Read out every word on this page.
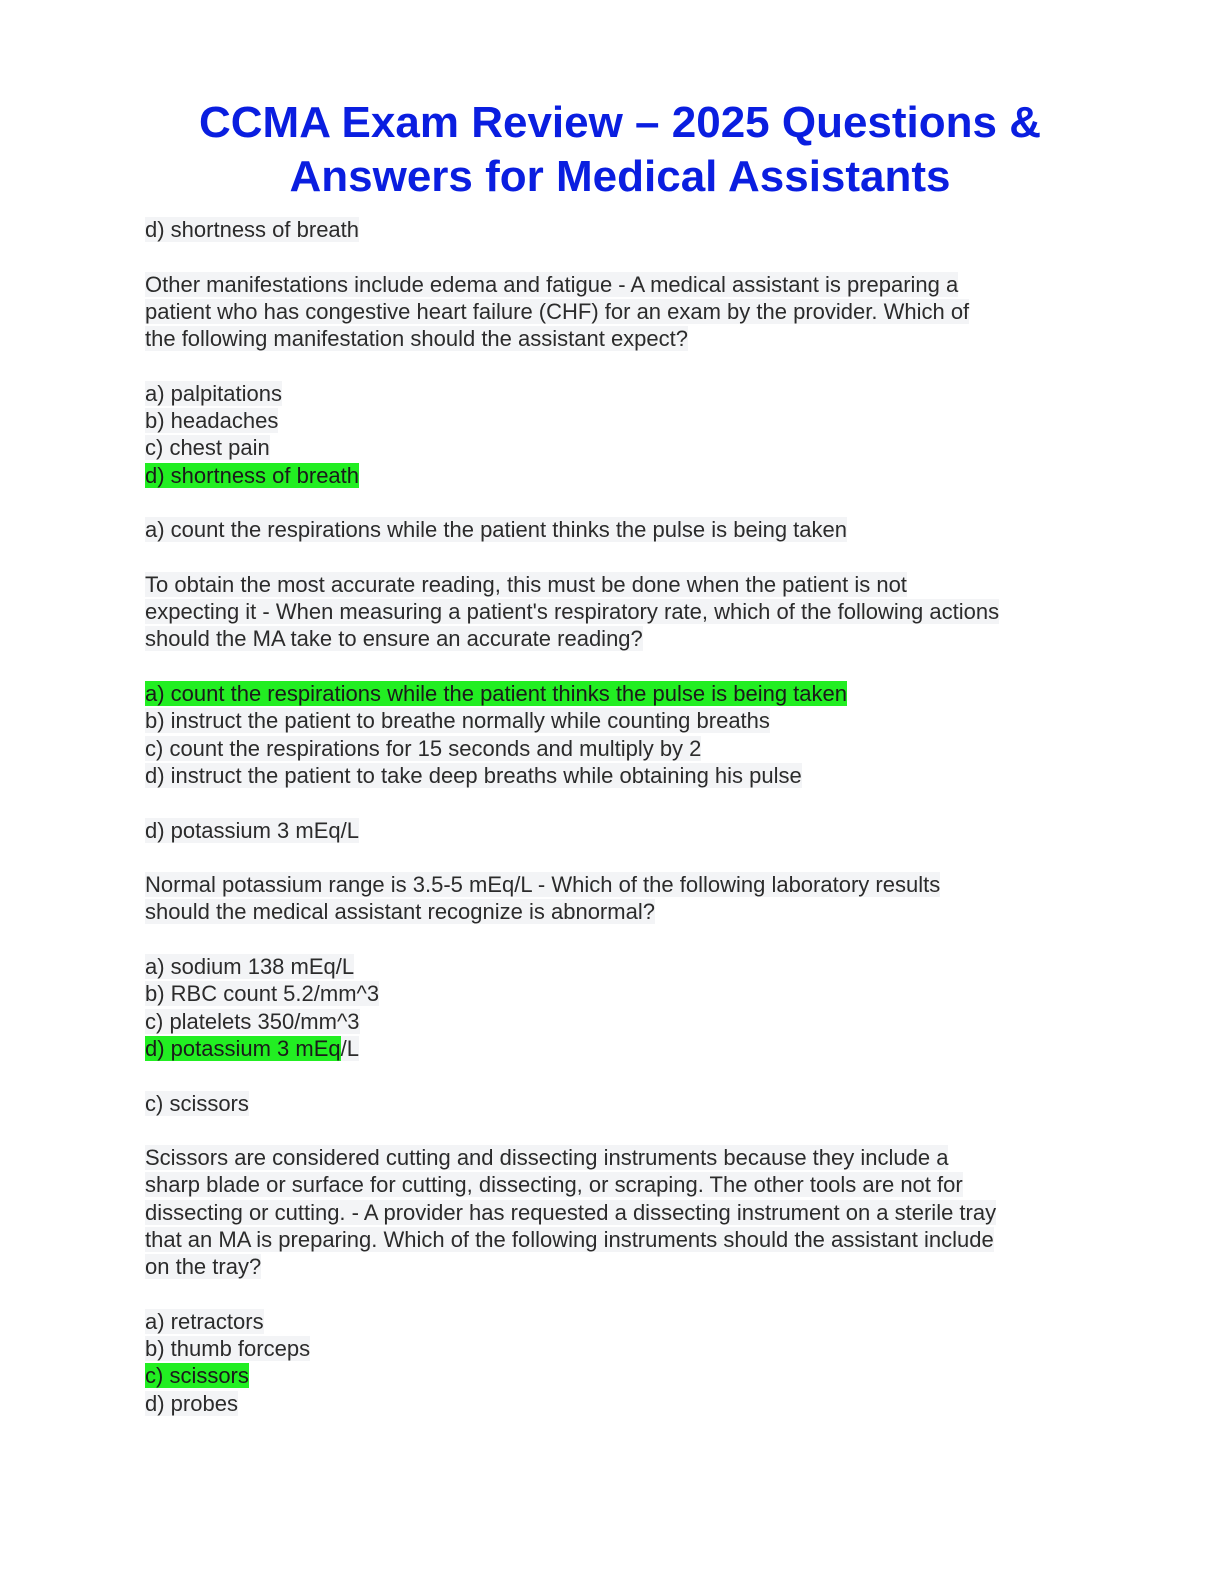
CCMA Exam Review – 2025 Questions &
Answers for Medical Assistants
d) shortness of breath
Other manifestations include edema and fatigue - A medical assistant is preparing a
patient who has congestive heart failure (CHF) for an exam by the provider. Which of
the following manifestation should the assistant expect?
a) palpitations
b) headaches
c) chest pain
d) shortness of breath
a) count the respirations while the patient thinks the pulse is being taken
To obtain the most accurate reading, this must be done when the patient is not
expecting it - When measuring a patient's respiratory rate, which of the following actions
should the MA take to ensure an accurate reading?
a) count the respirations while the patient thinks the pulse is being taken
b) instruct the patient to breathe normally while counting breaths
c) count the respirations for 15 seconds and multiply by 2
d) instruct the patient to take deep breaths while obtaining his pulse
d) potassium 3 mEq/L
Normal potassium range is 3.5-5 mEq/L - Which of the following laboratory results
should the medical assistant recognize is abnormal?
a) sodium 138 mEq/L
b) RBC count 5.2/mm^3
c) platelets 350/mm^3
d) potassium 3 mEq/L
c) scissors
Scissors are considered cutting and dissecting instruments because they include a
sharp blade or surface for cutting, dissecting, or scraping. The other tools are not for
dissecting or cutting. - A provider has requested a dissecting instrument on a sterile tray
that an MA is preparing. Which of the following instruments should the assistant include
on the tray?
a) retractors
b) thumb forceps
c) scissors
d) probes
